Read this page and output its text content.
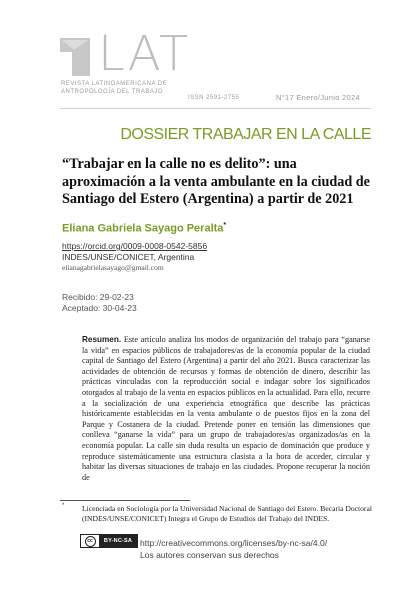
LAT
REVISTA LATINOAMERICANA DE
ANTROPOLOGÍA DEL TRABAJO
ISSN 2591-2755	N°17 Enero/Junio 2024
DOSSIER TRABAJAR EN LA CALLE
“Trabajar en la calle no es delito”: una aproximación a la venta ambulante en la ciudad de Santiago del Estero (Argentina) a partir de 2021
Eliana Gabriela Sayago Peralta*
https://orcid.org/0009-0008-0542-5856
INDES/UNSE/CONICET, Argentina
elianagabrielasayago@gmail.com
Recibido: 29-02-23
Aceptado: 30-04-23
Resumen. Este artículo analiza los modos de organización del trabajo para “ganarse la vida” en espacios públicos de trabajadores/as de la economía popular de la ciudad capital de Santiago del Estero (Argentina) a partir del año 2021. Busca caracterizar las actividades de obtención de recursos y formas de obtención de dinero, describir las prácticas vinculadas con la reproducción social e indagar sobre los significados otorgados al trabajo de la venta en espacios públicos en la actualidad. Para ello, recurre a la socialización de una experiencia etnográfica que describe las prácticas históricamente establecidas en la venta ambulante o de puestos fijos en la zona del Parque y Costanera de la ciudad. Pretende poner en tensión las dimensiones que conlleva “ganarse la vida” para un grupo de trabajadores/as organizados/as en la economía popular. La calle sin duda resulta un espacio de dominación que produce y reproduce sistemáticamente una estructura clasista a la hora de acceder, circular y habitar las diversas situaciones de trabajo en las ciudades. Propone recuperar la noción de
* Licenciada en Sociología por la Universidad Nacional de Santiago del Estero. Becaria Doctoral (INDES/UNSE/CONICET) Integra el Grupo de Estudios del Trabajo del INDES.
cc	BY-NC-SA http://creativecommons.org/licenses/by-nc-sa/4.0/
Los autores conservan sus derechos
